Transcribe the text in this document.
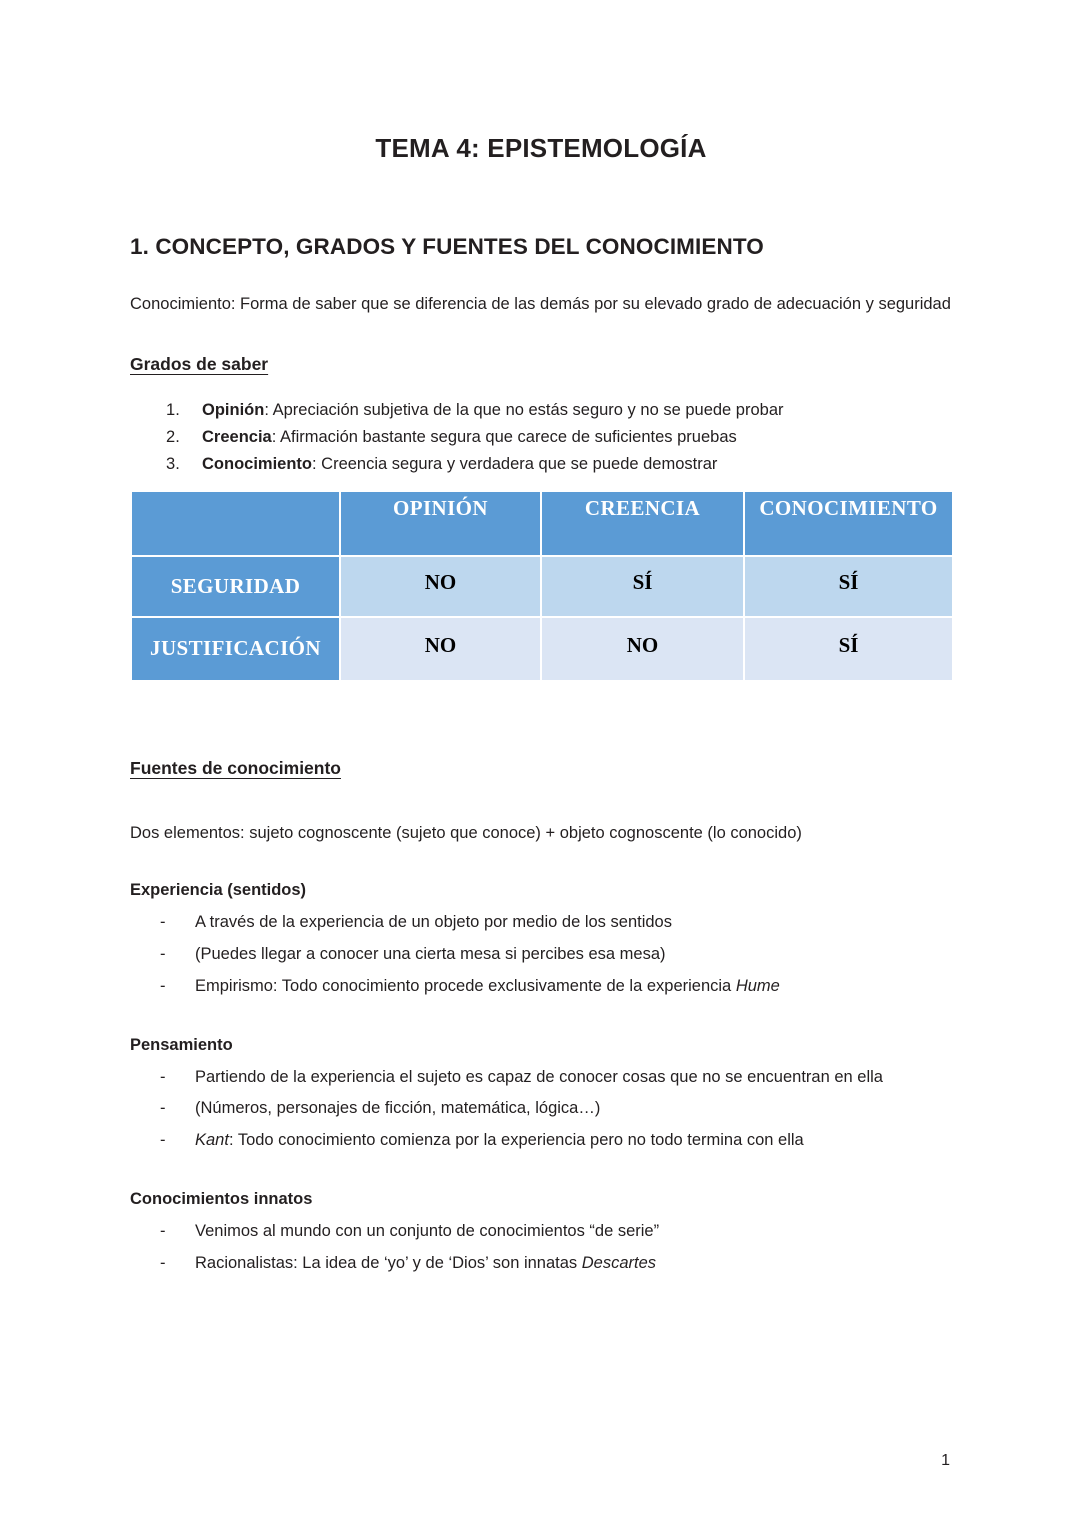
TEMA 4: EPISTEMOLOGÍA
1. CONCEPTO, GRADOS Y FUENTES DEL CONOCIMIENTO

Conocimiento: Forma de saber que se diferencia de las demás por su elevado grado de adecuación y seguridad

Grados de saber
Opinión: Apreciación subjetiva de la que no estás seguro y no se puede probar
Creencia: Afirmación bastante segura que carece de suficientes pruebas
Conocimiento: Creencia segura y verdadera que se puede demostrar
	OPINIÓN	CREENCIA	CONOCIMIENTO
SEGURIDAD	NO	SÍ	SÍ
JUSTIFICACIÓN	NO	NO	SÍ
Fuentes de conocimiento

Dos elementos: sujeto cognoscente (sujeto que conoce) + objeto cognoscente (lo conocido)

Experiencia (sentidos)
- A través de la experiencia de un objeto por medio de los sentidos
- (Puedes llegar a conocer una cierta mesa si percibes esa mesa)
- Empirismo: Todo conocimiento procede exclusivamente de la experiencia Hume
Pensamiento
- Partiendo de la experiencia el sujeto es capaz de conocer cosas que no se encuentran en ella
- (Números, personajes de ficción, matemática, lógica…)
- Kant: Todo conocimiento comienza por la experiencia pero no todo termina con ella
Conocimientos innatos
- Venimos al mundo con un conjunto de conocimientos “de serie”
- Racionalistas: La idea de ‘yo’ y de ‘Dios’ son innatas Descartes
1
